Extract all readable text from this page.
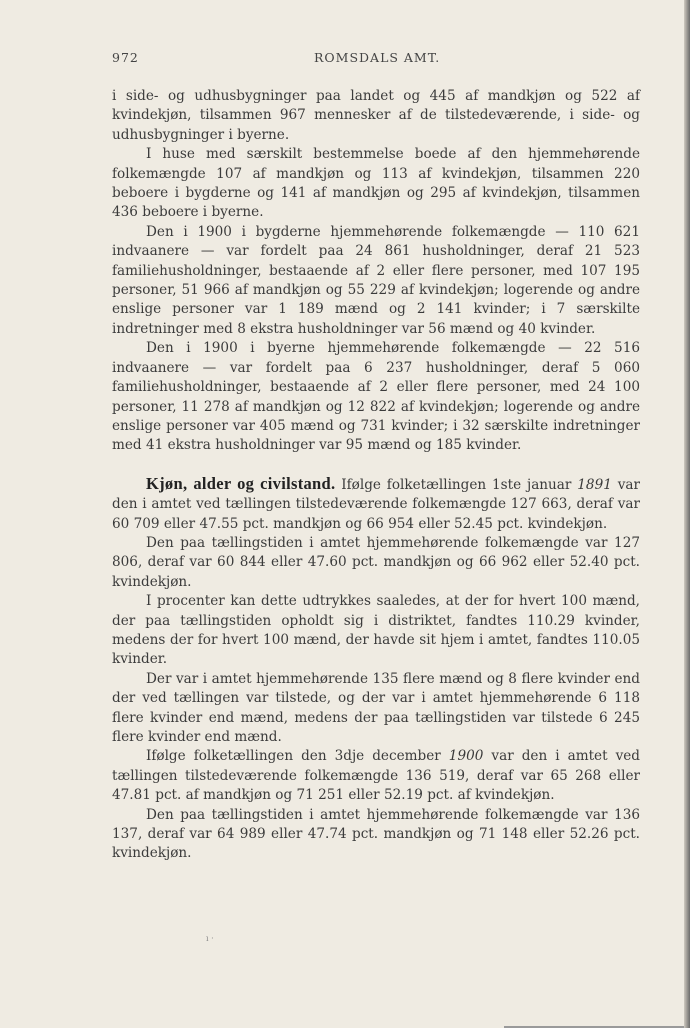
972	ROMSDALS AMT.

i side- og udhusbygninger paa landet og 445 af mandkjøn og 522 af kvindekjøn, tilsammen 967 mennesker af de tilstedeværende, i side- og udhusbygninger i byerne.

I huse med særskilt bestemmelse boede af den hjemmehørende folkemængde 107 af mandkjøn og 113 af kvindekjøn, tilsammen 220 beboere i bygderne og 141 af mandkjøn og 295 af kvindekjøn, tilsammen 436 beboere i byerne.

Den i 1900 i bygderne hjemmehørende folkemængde — 110 621 indvaanere — var fordelt paa 24 861 husholdninger, deraf 21 523 familiehusholdninger, bestaaende af 2 eller flere personer, med 107 195 personer, 51 966 af mandkjøn og 55 229 af kvindekjøn; logerende og andre enslige personer var 1 189 mænd og 2 141 kvinder; i 7 særskilte indretninger med 8 ekstra husholdninger var 56 mænd og 40 kvinder.

Den i 1900 i byerne hjemmehørende folkemængde — 22 516 indvaanere — var fordelt paa 6 237 husholdninger, deraf 5 060 familiehusholdninger, bestaaende af 2 eller flere personer, med 24 100 personer, 11 278 af mandkjøn og 12 822 af kvindekjøn; logerende og andre enslige personer var 405 mænd og 731 kvinder; i 32 særskilte indretninger med 41 ekstra husholdninger var 95 mænd og 185 kvinder.

Kjøn, alder og civilstand. Ifølge folketællingen 1ste januar 1891 var den i amtet ved tællingen tilstedeværende folkemængde 127 663, deraf var 60 709 eller 47.55 pct. mandkjøn og 66 954 eller 52.45 pct. kvindekjøn.

Den paa tællingstiden i amtet hjemmehørende folkemængde var 127 806, deraf var 60 844 eller 47.60 pct. mandkjøn og 66 962 eller 52.40 pct. kvindekjøn.

I procenter kan dette udtrykkes saaledes, at der for hvert 100 mænd, der paa tællingstiden opholdt sig i distriktet, fandtes 110.29 kvinder, medens der for hvert 100 mænd, der havde sit hjem i amtet, fandtes 110.05 kvinder.

Der var i amtet hjemmehørende 135 flere mænd og 8 flere kvinder end der ved tællingen var tilstede, og der var i amtet hjemmehørende 6 118 flere kvinder end mænd, medens der paa tællingstiden var tilstede 6 245 flere kvinder end mænd.

Ifølge folketællingen den 3dje december 1900 var den i amtet ved tællingen tilstedeværende folkemængde 136 519, deraf var 65 268 eller 47.81 pct. af mandkjøn og 71 251 eller 52.19 pct. af kvindekjøn.

Den paa tællingstiden i amtet hjemmehørende folkemængde var 136 137, deraf var 64 989 eller 47.74 pct. mandkjøn og 71 148 eller 52.26 pct. kvindekjøn.

ı ·
